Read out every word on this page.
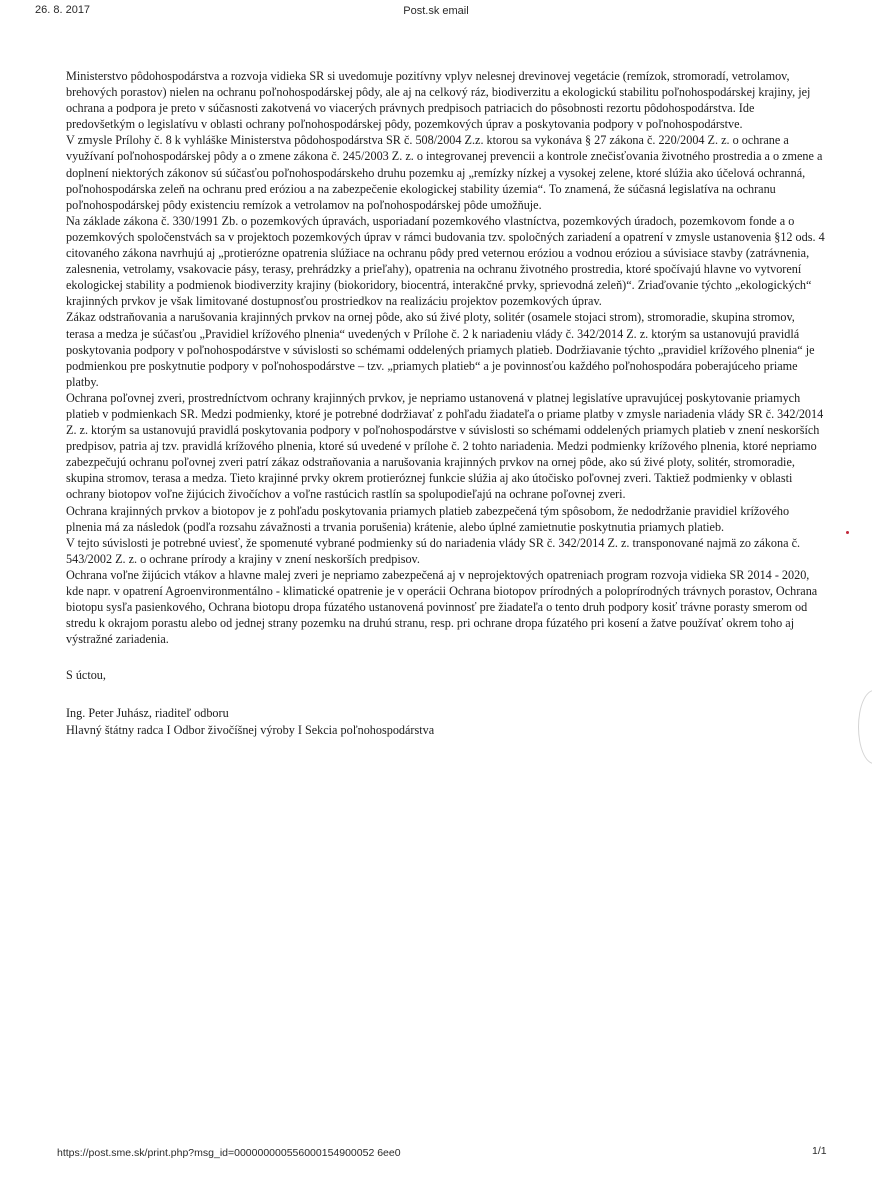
26. 8. 2017	Post.sk email

Ministerstvo pôdohospodárstva a rozvoja vidieka SR si uvedomuje pozitívny vplyv nelesnej drevinovej vegetácie (remízok, stromoradí, vetrolamov, brehových porastov) nielen na ochranu poľnohospodárskej pôdy, ale aj na celkový ráz, biodiverzitu a ekologickú stabilitu poľnohospodárskej krajiny, jej ochrana a podpora je preto v súčasnosti zakotvená vo viacerých právnych predpisoch patriacich do pôsobnosti rezortu pôdohospodárstva. Ide predovšetkým o legislatívu v oblasti ochrany poľnohospodárskej pôdy, pozemkových úprav a poskytovania podpory v poľnohospodárstve.

V zmysle Prílohy č. 8 k vyhláške Ministerstva pôdohospodárstva SR č. 508/2004 Z.z. ktorou sa vykonáva § 27 zákona č. 220/2004 Z. z. o ochrane a využívaní poľnohospodárskej pôdy a o zmene zákona č. 245/2003 Z. z. o integrovanej prevencii a kontrole znečisťovania životného prostredia a o zmene a doplnení niektorých zákonov sú súčasťou poľnohospodárskeho druhu pozemku aj „remízky nízkej a vysokej zelene, ktoré slúžia ako účelová ochranná, poľnohospodárska zeleň na ochranu pred eróziou a na zabezpečenie ekologickej stability územia“. To znamená, že súčasná legislatíva na ochranu poľnohospodárskej pôdy existenciu remízok a vetrolamov na poľnohospodárskej pôde umožňuje.

Na základe zákona č. 330/1991 Zb. o pozemkových úpravách, usporiadaní pozemkového vlastníctva, pozemkových úradoch, pozemkovom fonde a o pozemkových spoločenstvách sa v projektoch pozemkových úprav v rámci budovania tzv. spoločných zariadení a opatrení v zmysle ustanovenia §12 ods. 4 citovaného zákona navrhujú aj „protierózne opatrenia slúžiace na ochranu pôdy pred veternou eróziou a vodnou eróziou a súvisiace stavby (zatrávnenia, zalesnenia, vetrolamy, vsakovacie pásy, terasy, prehrádzky a prieľahy), opatrenia na ochranu životného prostredia, ktoré spočívajú hlavne vo vytvorení ekologickej stability a podmienok biodiverzity krajiny (biokoridory, biocentrá, interakčné prvky, sprievodná zeleň)“. Zriaďovanie týchto „ekologických“ krajinných prvkov je však limitované dostupnosťou prostriedkov na realizáciu projektov pozemkových úprav.

Zákaz odstraňovania a narušovania krajinných prvkov na ornej pôde, ako sú živé ploty, solitér (osamele stojaci strom), stromoradie, skupina stromov, terasa a medza je súčasťou „Pravidiel krížového plnenia“ uvedených v Prílohe č. 2 k nariadeniu vlády č. 342/2014 Z. z. ktorým sa ustanovujú pravidlá poskytovania podpory v poľnohospodárstve v súvislosti so schémami oddelených priamych platieb. Dodržiavanie týchto „pravidiel krížového plnenia“ je podmienkou pre poskytnutie podpory v poľnohospodárstve – tzv. „priamych platieb“ a je povinnosťou každého poľnohospodára poberajúceho priame platby.

Ochrana poľovnej zveri, prostredníctvom ochrany krajinných prvkov, je nepriamo ustanovená v platnej legislatíve upravujúcej poskytovanie priamych platieb v podmienkach SR. Medzi podmienky, ktoré je potrebné dodržiavať z pohľadu žiadateľa o priame platby v zmysle nariadenia vlády SR č. 342/2014 Z. z. ktorým sa ustanovujú pravidlá poskytovania podpory v poľnohospodárstve v súvislosti so schémami oddelených priamych platieb v znení neskorších predpisov, patria aj tzv. pravidlá krížového plnenia, ktoré sú uvedené v prílohe č. 2 tohto nariadenia. Medzi podmienky krížového plnenia, ktoré nepriamo zabezpečujú ochranu poľovnej zveri patrí zákaz odstraňovania a narušovania krajinných prvkov na ornej pôde, ako sú živé ploty, solitér, stromoradie, skupina stromov, terasa a medza. Tieto krajinné prvky okrem protieróznej funkcie slúžia aj ako útočisko poľovnej zveri. Taktiež podmienky v oblasti ochrany biotopov voľne žijúcich živočíchov a voľne rastúcich rastlín sa spolupodieľajú na ochrane poľovnej zveri.

Ochrana krajinných prvkov a biotopov je z pohľadu poskytovania priamych platieb zabezpečená tým spôsobom, že nedodržanie pravidiel krížového plnenia má za následok (podľa rozsahu závažnosti a trvania porušenia) krátenie, alebo úplné zamietnutie poskytnutia priamych platieb.

V tejto súvislosti je potrebné uviesť, že spomenuté vybrané podmienky sú do nariadenia vlády SR č. 342/2014 Z. z. transponované najmä zo zákona č. 543/2002 Z. z. o ochrane prírody a krajiny v znení neskorších predpisov.

Ochrana voľne žijúcich vtákov a hlavne malej zveri je nepriamo zabezpečená aj v neprojektových opatreniach program rozvoja vidieka SR 2014 - 2020, kde napr. v opatrení Agroenvironmentálno - klimatické opatrenie je v operácii Ochrana biotopov prírodných a poloprírodných trávnych porastov, Ochrana biotopu sysľa pasienkového, Ochrana biotopu dropa fúzatého ustanovená povinnosť pre žiadateľa o tento druh podpory kosiť trávne porasty smerom od stredu k okrajom porastu alebo od jednej strany pozemku na druhú stranu, resp. pri ochrane dropa fúzatého pri kosení a žatve používať okrem toho aj výstražné zariadenia.

S úctou,

Ing. Peter Juhász, riaditeľ odboru

Hlavný štátny radca I Odbor živočíšnej výroby I Sekcia poľnohospodárstva

https://post.sme.sk/print.php?msg_id=000000000556000154900052 6ee0	1/1
